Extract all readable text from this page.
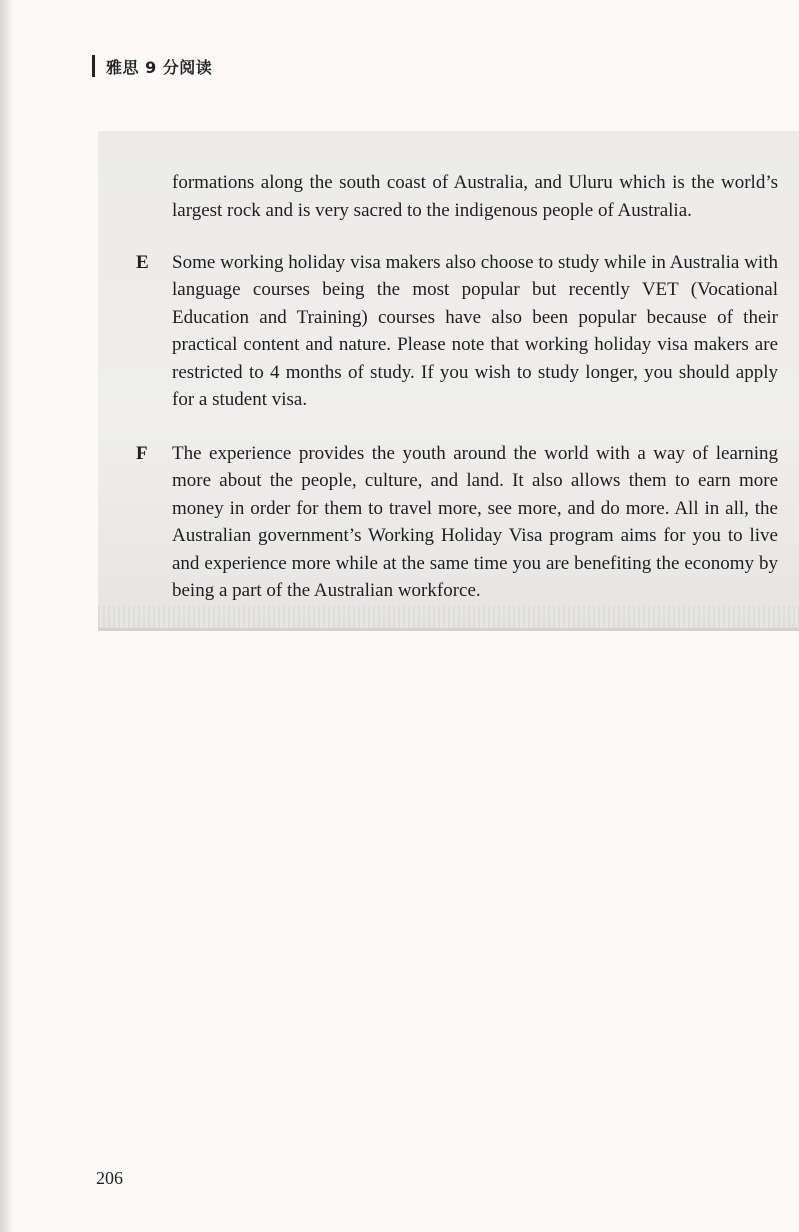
雅思 9 分阅读

formations along the south coast of Australia, and Uluru which is the world’s largest rock and is very sacred to the indigenous people of Australia.

E Some working holiday visa makers also choose to study while in Australia with language courses being the most popular but recently VET (Vocational Education and Training) courses have also been popular because of their practical content and nature. Please note that working holiday visa makers are restricted to 4 months of study. If you wish to study longer, you should apply for a student visa.

F The experience provides the youth around the world with a way of learning more about the people, culture, and land. It also allows them to earn more money in order for them to travel more, see more, and do more. All in all, the Australian government’s Working Holiday Visa program aims for you to live and experience more while at the same time you are benefiting the economy by being a part of the Australian workforce.

206
